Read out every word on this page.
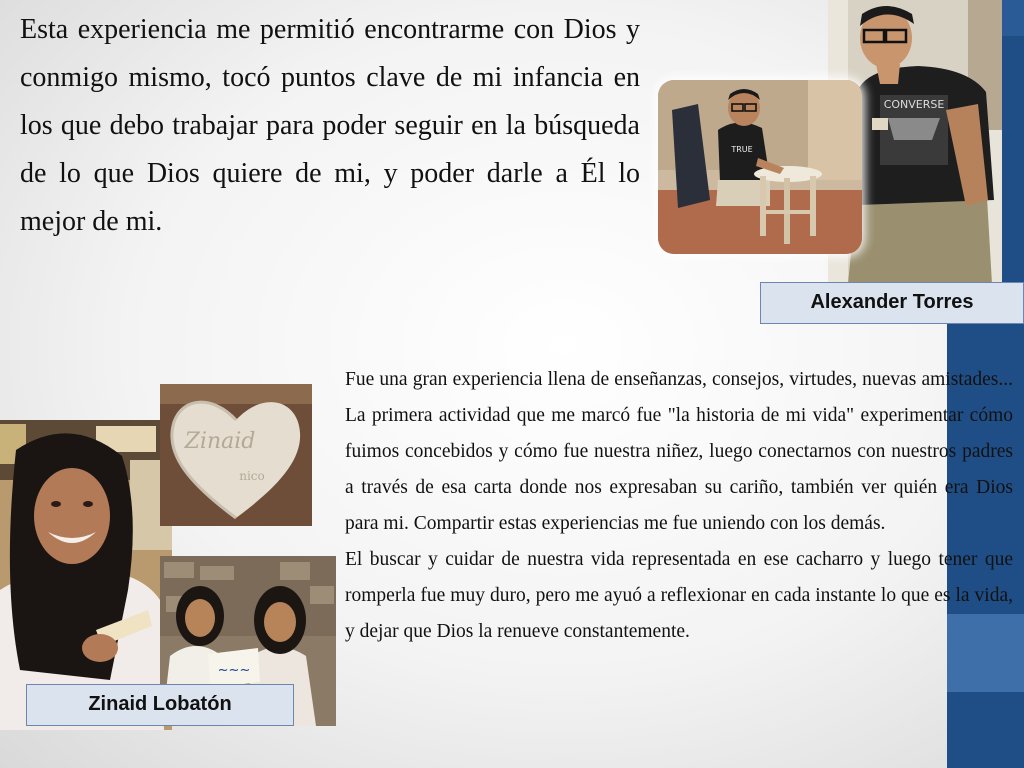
CONVERSE
TRUE
Alexander Torres
Esta experiencia me permitió encontrarme con Dios y conmigo mismo, tocó puntos clave de mi infancia en los que debo trabajar para poder seguir en la búsqueda de lo que Dios quiere de mi, y poder darle a Él lo mejor de mi.
Zinaid
nico
~~~
Zinaid Lobatón

Fue una gran experiencia llena de enseñanzas, consejos, virtudes, nuevas amistades... La primera actividad que me marcó fue "la historia de mi vida" experimentar cómo fuimos concebidos y cómo fue nuestra niñez, luego conectarnos con nuestros padres a través de esa carta donde nos expresaban su cariño, también ver quién era Dios para mi. Compartir estas experiencias me fue uniendo con los demás.

El buscar y cuidar de nuestra vida representada en ese cacharro y luego tener que romperla fue muy duro, pero me ayuó a reflexionar en cada instante lo que es la vida, y dejar que Dios la renueve constantemente.
